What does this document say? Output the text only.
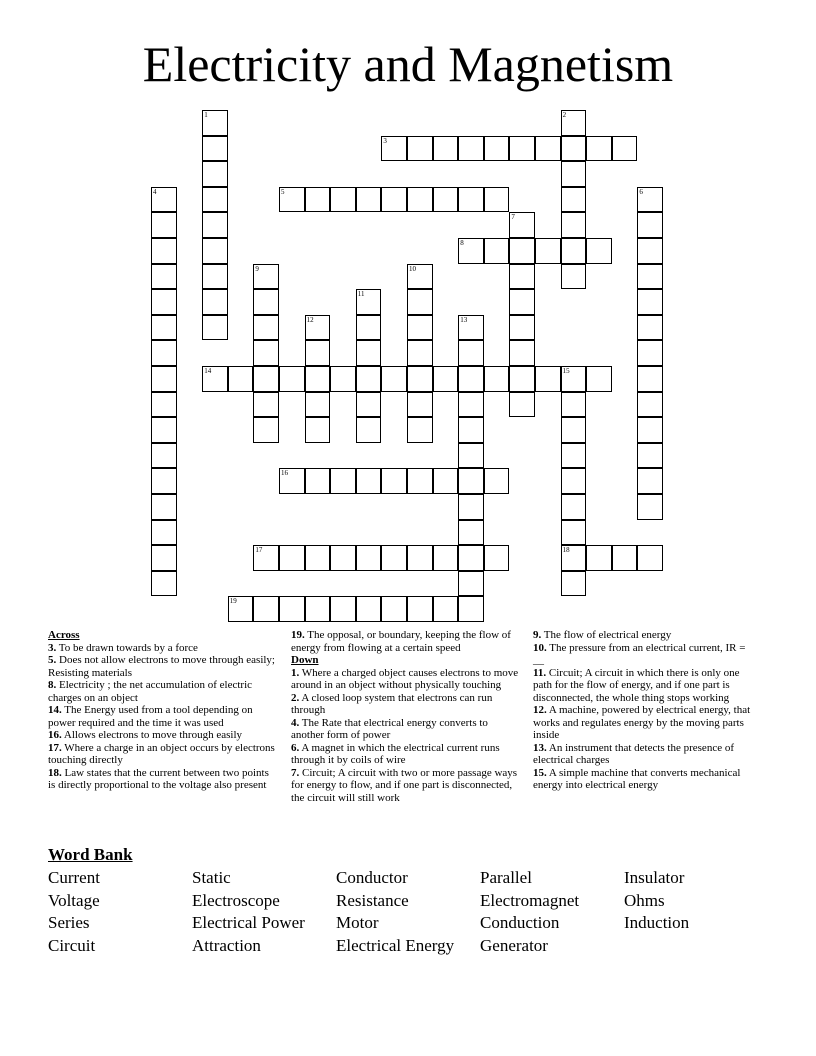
Electricity and Magnetism
1	2
3
4	5	6
7
8
9	10
11
12	13
14	15
18
16
17
19
Across
3. To be drawn towards by a force
5. Does not allow electrons to move through easily; Resisting materials
8. Electricity ; the net accumulation of electric charges on an object
14. The Energy used from a tool depending on power required and the time it was used
16. Allows electrons to move through easily
17. Where a charge in an object occurs by electrons touching directly
18. Law states that the current between two points is directly proportional to the voltage also present
19. The opposal, or boundary, keeping the flow of energy from flowing at a certain speed
Down
1. Where a charged object causes electrons to move around in an object without physically touching
2. A closed loop system that electrons can run through
4. The Rate that electrical energy converts to another form of power
6. A magnet in which the electrical current runs through it by coils of wire
7. Circuit; A circuit with two or more passage ways for energy to flow, and if one part is disconnected, the circuit will still work
9. The flow of electrical energy
10. The pressure from an electrical current, IR = __
11. Circuit; A circuit in which there is only one path for the flow of energy, and if one part is disconnected, the whole thing stops working
12. A machine, powered by electrical energy, that works and regulates energy by the moving parts inside
13. An instrument that detects the presence of electrical charges
15. A simple machine that converts mechanical energy into electrical energy
Word Bank
Current
Voltage
Series
Circuit
Static
Electroscope
Electrical Power
Attraction
Conductor
Resistance
Motor
Electrical Energy
Parallel
Electromagnet
Conduction
Generator
Insulator
Ohms
Induction
